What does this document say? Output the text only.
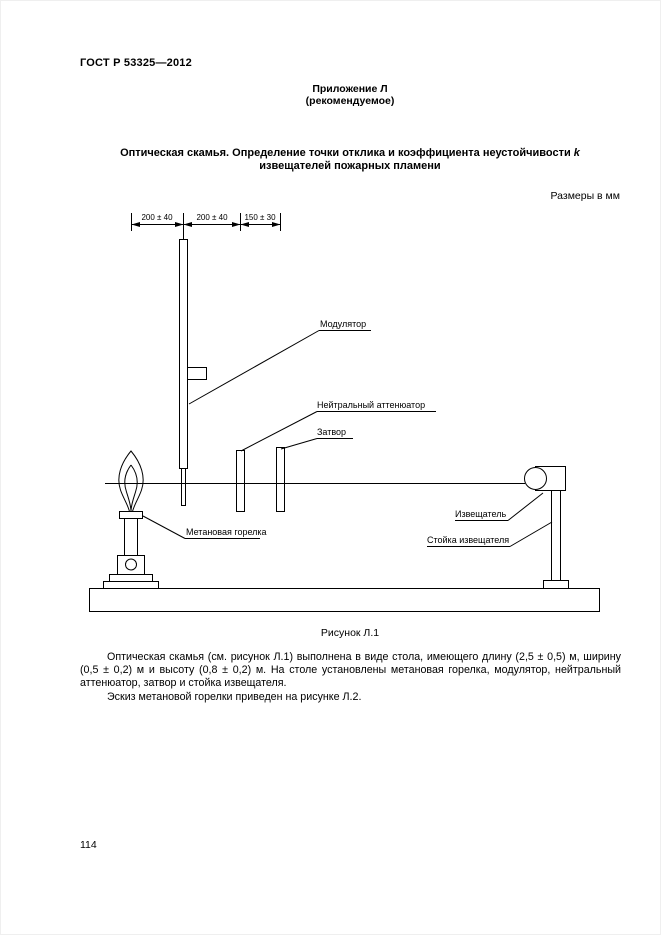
ГОСТ Р 53325—2012
Приложение Л
(рекомендуемое)
Оптическая скамья. Определение точки отклика и коэффициента неустойчивости k
извещателей пожарных пламени
Размеры в мм
200 ± 40	200 ± 40 150 ± 30
Модулятор
Нейтральный аттенюатор
Затвор
Метановая горелка
Извещатель
Стойка извещателя
Рисунок Л.1

Оптическая скамья (см. рисунок Л.1) выполнена в виде стола, имеющего длину (2,5 ± 0,5) м, ширину (0,5 ± 0,2) м и высоту (0,8 ± 0,2) м. На столе установлены метановая горелка, модулятор, нейтральный аттенюатор, затвор и стойка извещателя.

Эскиз метановой горелки приведен на рисунке Л.2.

114
